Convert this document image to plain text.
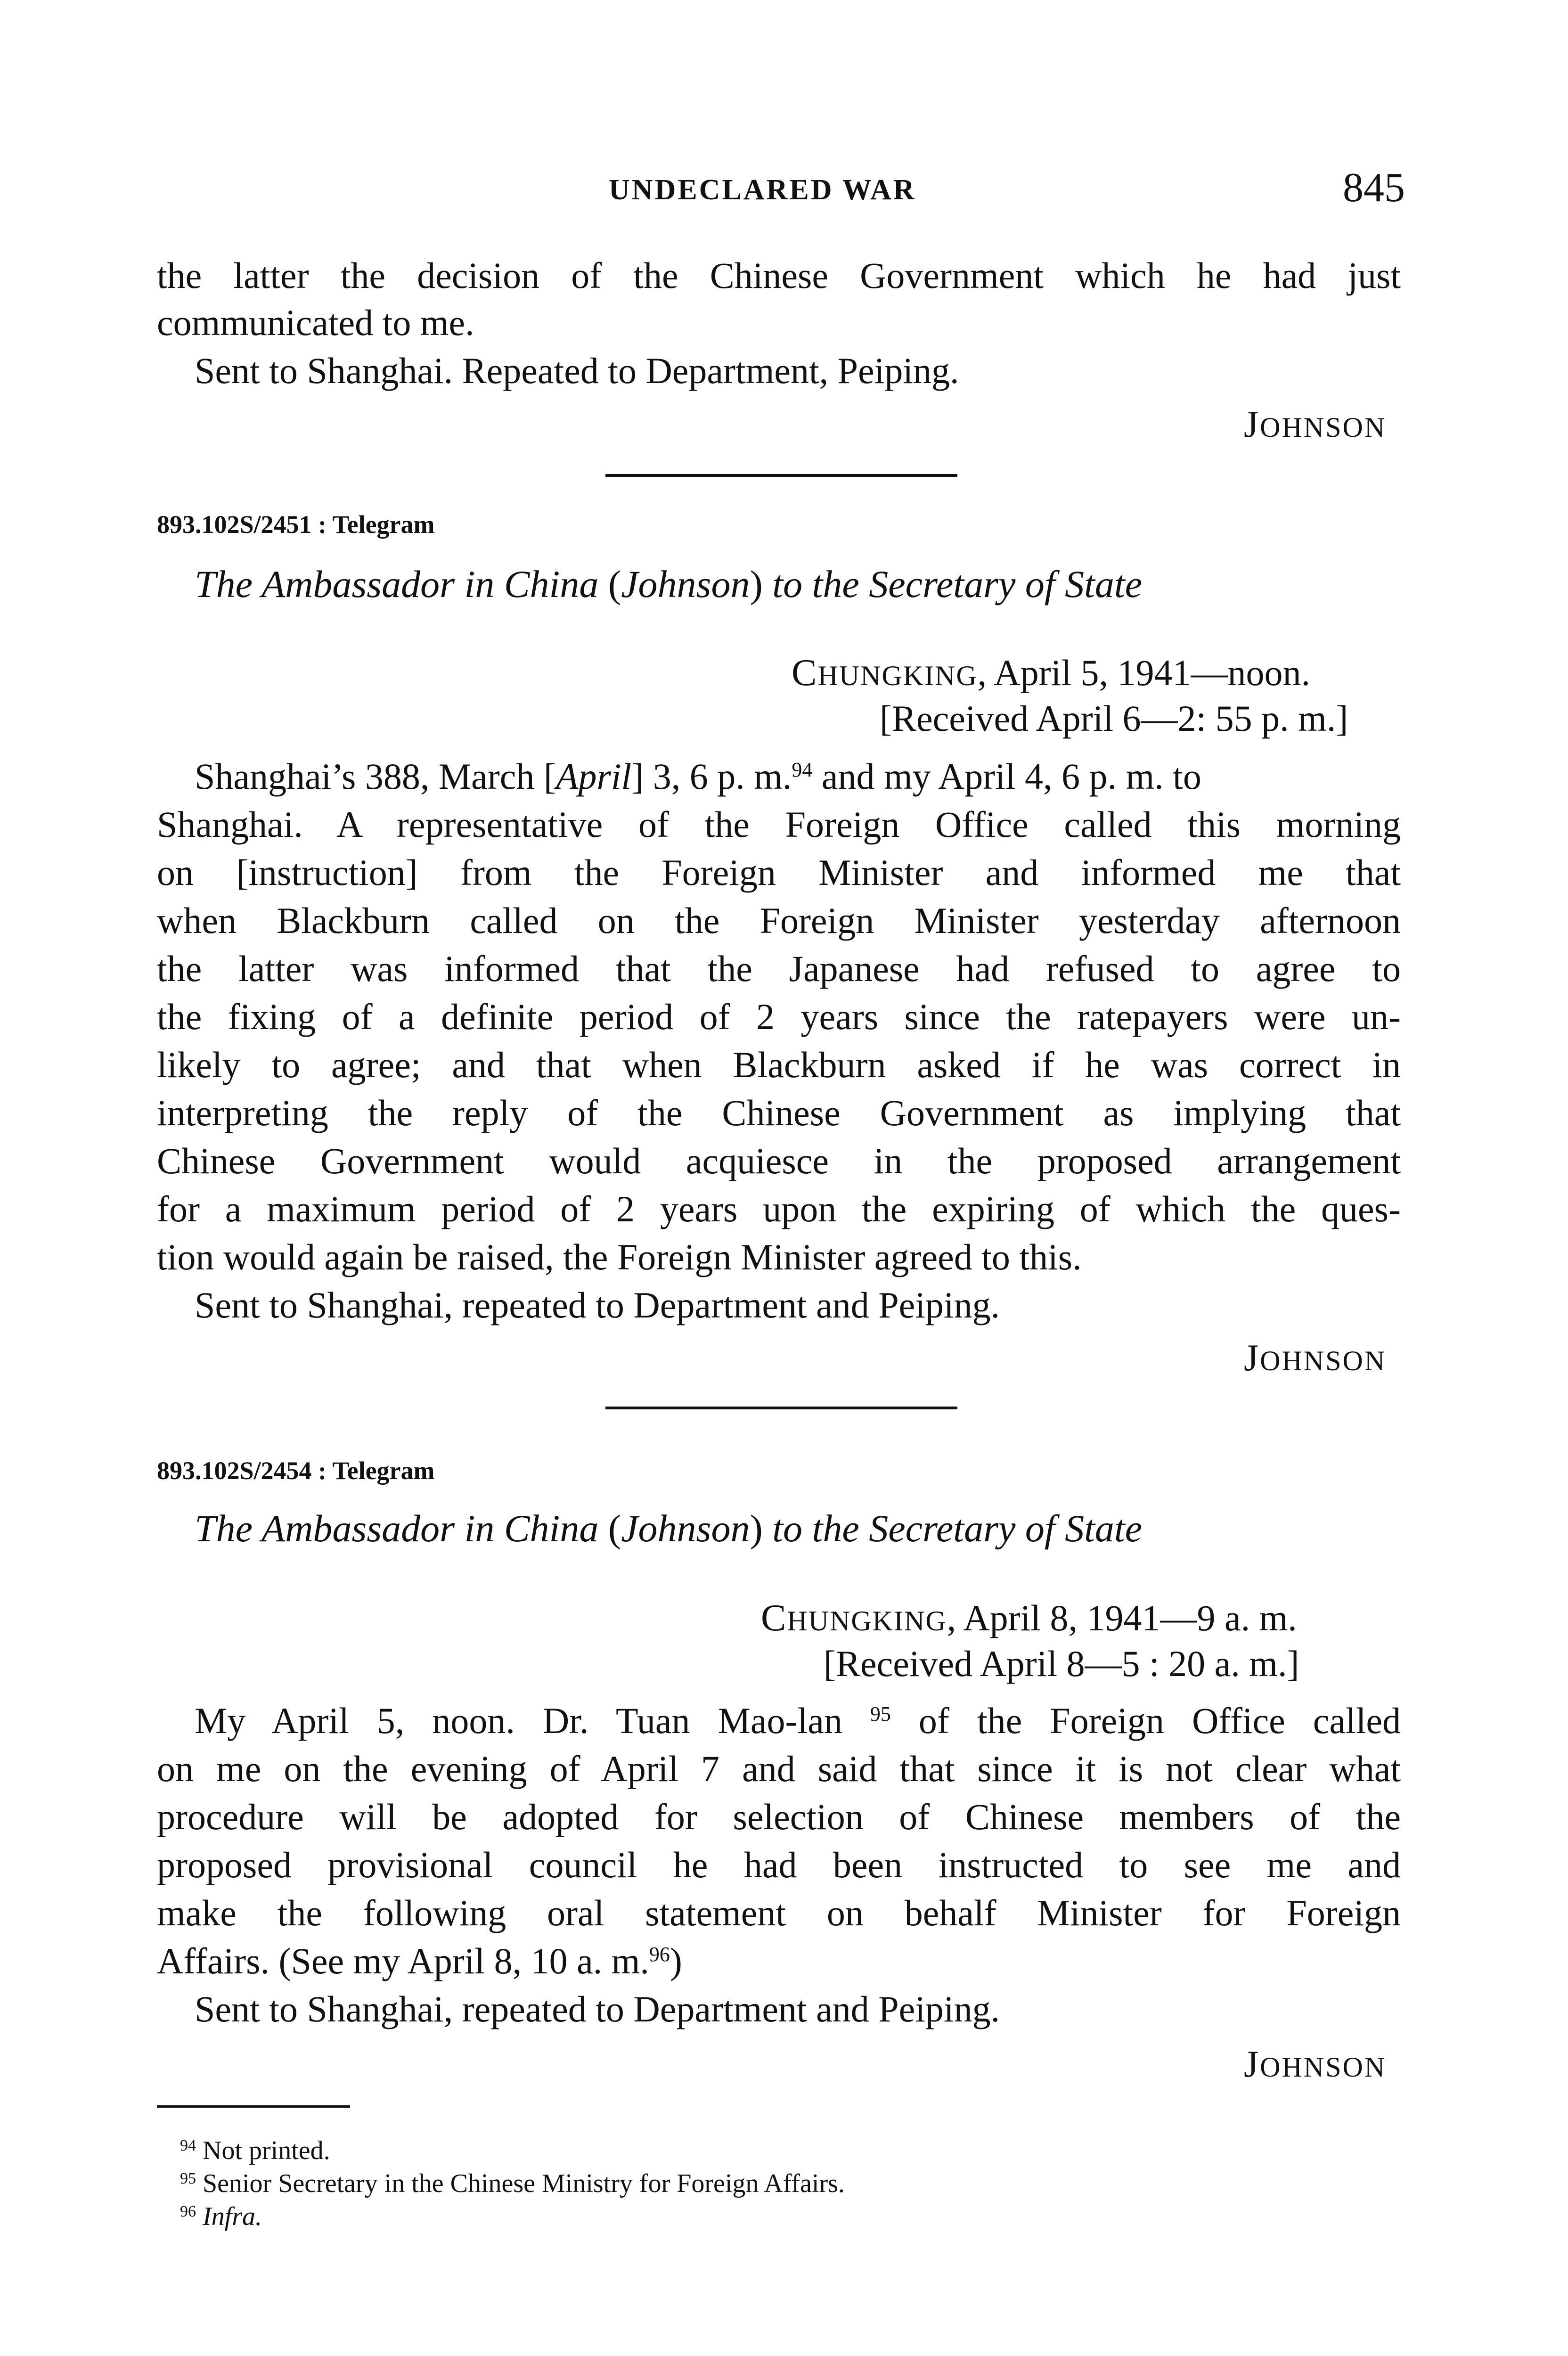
UNDECLARED WAR	845
the latter the decision of the Chinese Government which he had just
communicated to me.
Sent to Shanghai. Repeated to Department, Peiping.
JOHNSON
893.102S/2451 : Telegram
The Ambassador in China (Johnson) to the Secretary of State
CHUNGKING, April 5, 1941—noon.
[Received April 6—2: 55 p. m.]
Shanghai’s 388, March [April] 3, 6 p. m.$^{94}$ and my April 4, 6 p. m. to
Shanghai. A representative of the Foreign Office called this morning
on [instruction] from the Foreign Minister and informed me that
when Blackburn called on the Foreign Minister yesterday afternoon
the latter was informed that the Japanese had refused to agree to
the fixing of a definite period of 2 years since the ratepayers were un-
likely to agree; and that when Blackburn asked if he was correct in
interpreting the reply of the Chinese Government as implying that
Chinese Government would acquiesce in the proposed arrangement
for a maximum period of 2 years upon the expiring of which the ques-
tion would again be raised, the Foreign Minister agreed to this.
Sent to Shanghai, repeated to Department and Peiping.
JOHNSON
893.102S/2454 : Telegram
The Ambassador in China (Johnson) to the Secretary of State
CHUNGKING, April 8, 1941—9 a. m.
[Received April 8—5 : 20 a. m.]
My April 5, noon. Dr. Tuan Mao-lan $^{95}$ of the Foreign Office called
on me on the evening of April 7 and said that since it is not clear what
procedure will be adopted for selection of Chinese members of the
proposed provisional council he had been instructed to see me and
make the following oral statement on behalf Minister for Foreign
Affairs. (See my April 8, 10 a. m.$^{96}$)
Sent to Shanghai, repeated to Department and Peiping.
JOHNSON
$^{94}$ Not printed.
$^{95}$ Senior Secretary in the Chinese Ministry for Foreign Affairs.
$^{96}$ Infra.
